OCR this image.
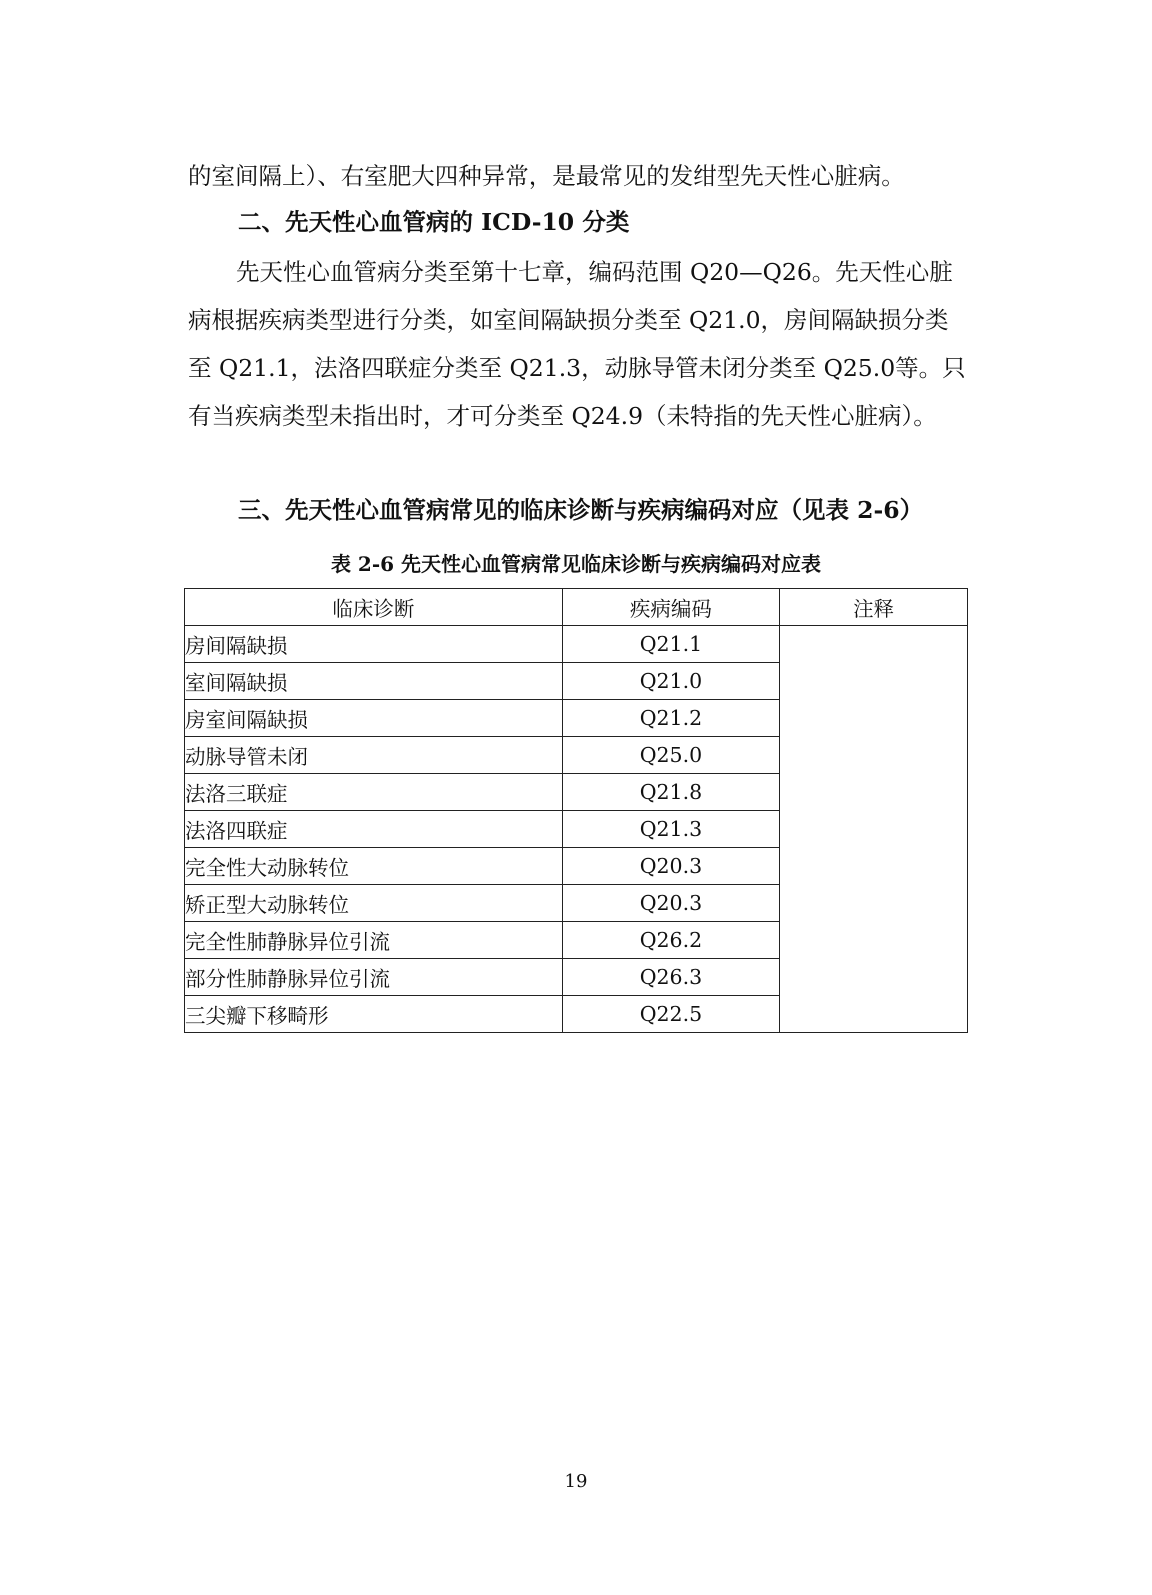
的室间隔上）、右室肥大四种异常，是最常见的发绀型先天性心脏病。

二、先天性心血管病的 ICD-10 分类

先天性心血管病分类至第十七章，编码范围 Q20—Q26。先天性心脏病根据疾病类型进行分类，如室间隔缺损分类至 Q21.0，房间隔缺损分类至 Q21.1，法洛四联症分类至 Q21.3，动脉导管未闭分类至 Q25.0等。只有当疾病类型未指出时，才可分类至 Q24.9（未特指的先天性心脏病）。

三、先天性心血管病常见的临床诊断与疾病编码对应（见表 2-6）

表 2-6 先天性心血管病常见临床诊断与疾病编码对应表

临床诊断	疾病编码	注释
房间隔缺损	Q21.1	
室间隔缺损	Q21.0	
房室间隔缺损	Q21.2	
动脉导管未闭	Q25.0	
法洛三联症	Q21.8	
法洛四联症	Q21.3	
完全性大动脉转位	Q20.3	
矫正型大动脉转位	Q20.3	
完全性肺静脉异位引流	Q26.2	
部分性肺静脉异位引流	Q26.3	
三尖瓣下移畸形	Q22.5	
19
